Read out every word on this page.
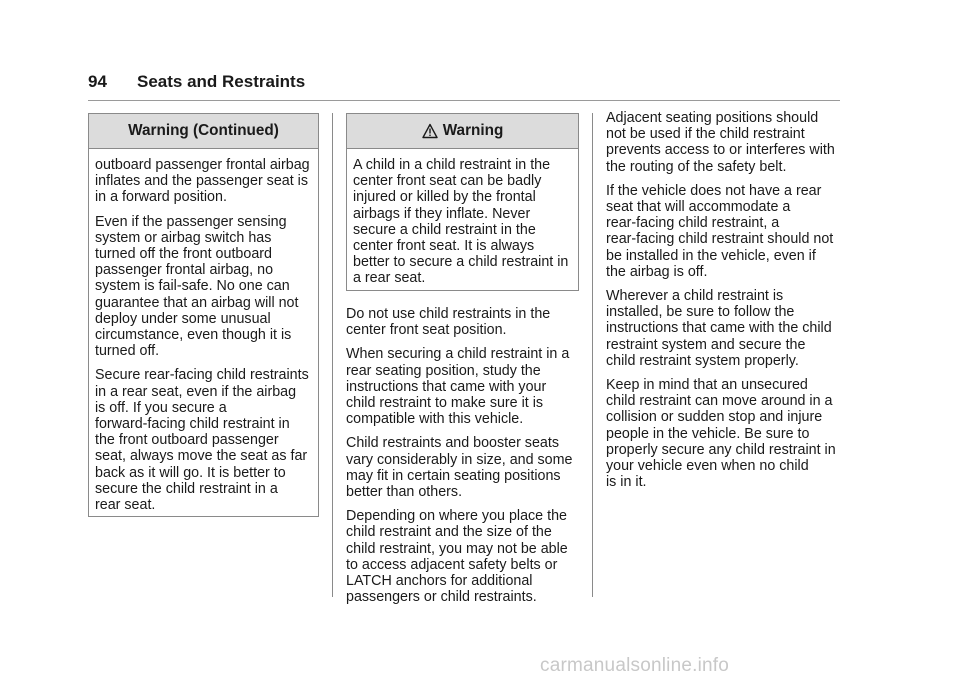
94 Seats and Restraints
Warning (Continued)

outboard passenger frontal airbag
inflates and the passenger seat is
in a forward position.

Even if the passenger sensing
system or airbag switch has
turned off the front outboard
passenger frontal airbag, no
system is fail-safe. No one can
guarantee that an airbag will not
deploy under some unusual
circumstance, even though it is
turned off.

Secure rear-facing child restraints
in a rear seat, even if the airbag
is off. If you secure a
forward-facing child restraint in
the front outboard passenger
seat, always move the seat as far
back as it will go. It is better to
secure the child restraint in a
rear seat.

Warning

A child in a child restraint in the
center front seat can be badly
injured or killed by the frontal
airbags if they inflate. Never
secure a child restraint in the
center front seat. It is always
better to secure a child restraint in
a rear seat.

Do not use child restraints in the
center front seat position.

When securing a child restraint in a
rear seating position, study the
instructions that came with your
child restraint to make sure it is
compatible with this vehicle.

Child restraints and booster seats
vary considerably in size, and some
may fit in certain seating positions
better than others.

Depending on where you place the
child restraint and the size of the
child restraint, you may not be able
to access adjacent safety belts or
LATCH anchors for additional
passengers or child restraints.

Adjacent seating positions should
not be used if the child restraint
prevents access to or interferes with
the routing of the safety belt.

If the vehicle does not have a rear
seat that will accommodate a
rear-facing child restraint, a
rear-facing child restraint should not
be installed in the vehicle, even if
the airbag is off.

Wherever a child restraint is
installed, be sure to follow the
instructions that came with the child
restraint system and secure the
child restraint system properly.

Keep in mind that an unsecured
child restraint can move around in a
collision or sudden stop and injure
people in the vehicle. Be sure to
properly secure any child restraint in
your vehicle even when no child
is in it.

carmanualsonline.info
